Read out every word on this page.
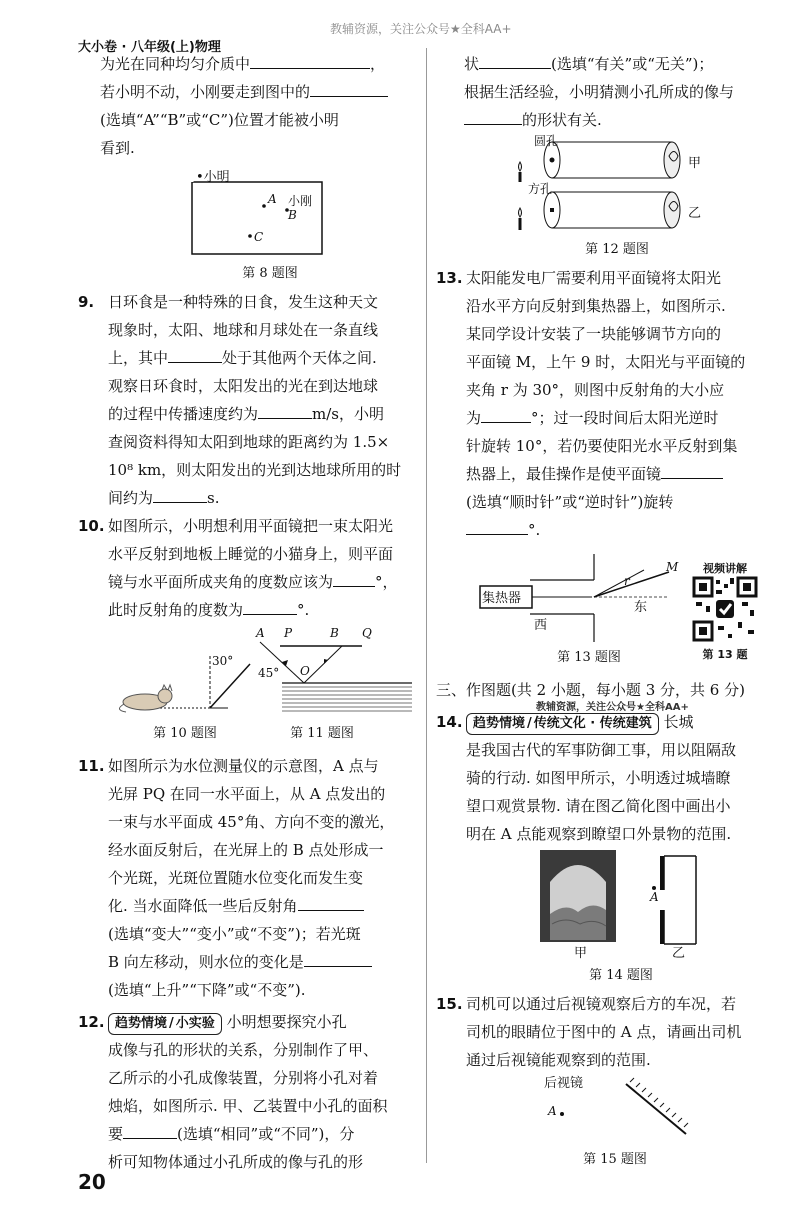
大小卷 · 八年级(上)物理
教辅资源，关注公众号★全科AA+
20

为光在同种均匀介质中	，

若小明不动，小刚要走到图中的

(选填“A”“B”或“C”)位置才能被小明

看到.

•小明
A 小刚
B
C
第 8 题图

9. 日环食是一种特殊的日食，发生这种天文

现象时，太阳、地球和月球处在一条直线

上，其中	处于其他两个天体之间.

观察日环食时，太阳发出的光在到达地球

的过程中传播速度约为	m/s，小明

查阅资料得知太阳到地球的距离约为 1.5×

10⁸ km，则太阳发出的光到达地球所用的时

间约为	s.

10. 如图所示，小明想利用平面镜把一束太阳光

水平反射到地板上睡觉的小猫身上，则平面

镜与水平面所成夹角的度数应该为	°，

此时反射角的度数为	°.

30°
第 10 题图
A P	B Q
O
45°
第 11 题图

11. 如图所示为水位测量仪的示意图，A 点与

光屏 PQ 在同一水平面上，从 A 点发出的

一束与水平面成 45°角、方向不变的激光，

经水面反射后，在光屏上的 B 点处形成一

个光斑，光斑位置随水位变化而发生变

化. 当水面降低一些后反射角

(选填“变大”“变小”或“不变”)；若光斑

B 向左移动，则水位的变化是

(选填“上升”“下降”或“不变”).

12. 趋势情境 / 小实验 小明想要探究小孔

成像与孔的形状的关系，分别制作了甲、

乙所示的小孔成像装置，分别将小孔对着

烛焰，如图所示. 甲、乙装置中小孔的面积

要	(选填“相同”或“不同”)，分

析可知物体通过小孔所成的像与孔的形

状	(选填“有关”或“无关”)；

根据生活经验，小明猜测小孔所成的像与

的形状有关.

圆孔
方孔
甲
乙
第 12 题图

13. 太阳能发电厂需要利用平面镜将太阳光

沿水平方向反射到集热器上，如图所示.

某同学设计安装了一块能够调节方向的

平面镜 M，上午 9 时，太阳光与平面镜的

夹角 r 为 30°，则图中反射角的大小应

为	°；过一段时间后太阳光逆时

针旋转 10°，若仍要使阳光水平反射到集

热器上，最佳操作是使平面镜

(选填“顺时针”或“逆时针”)旋转

°.

集热器
M
r
东
西
第 13 题图
视频讲解
第 13 题
三、作图题(共 2 小题，每小题 3 分，共 6 分)
教辅资源，关注公众号★全科AA+

14. 趋势情境 / 传统文化 · 传统建筑 长城

是我国古代的军事防御工事，用以阻隔敌

骑的行动. 如图甲所示，小明透过城墙瞭

望口观赏景物. 请在图乙简化图中画出小

明在 A 点能观察到瞭望口外景物的范围.

甲	乙
A
第 14 题图

15. 司机可以通过后视镜观察后方的车况，若

司机的眼睛位于图中的 A 点，请画出司机

通过后视镜能观察到的范围.

后视镜
A
第 15 题图
